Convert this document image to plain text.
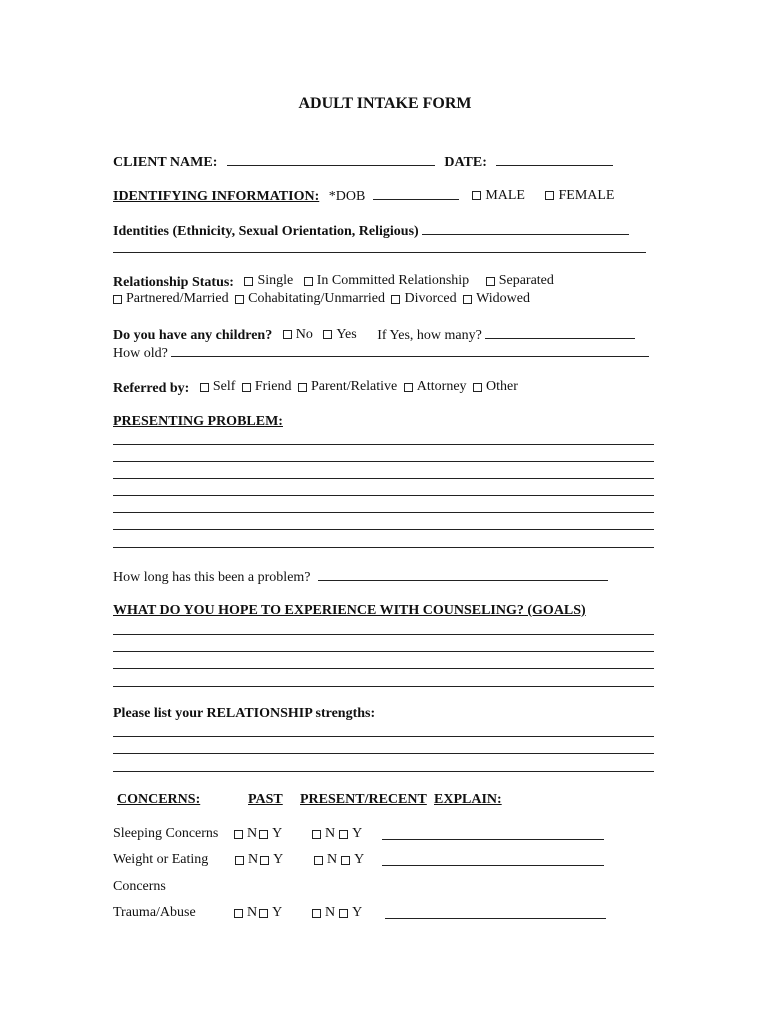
ADULT INTAKE FORM
CLIENT NAME:	DATE:
IDENTIFYING INFORMATION: *DOB	MALE
FEMALE
Identities (Ethnicity, Sexual Orientation, Religious)
Relationship Status: Single
In Committed Relationship
Separated
Partnered/Married
Cohabitating/Unmarried
Divorced
Widowed
Do you have any children? No
Yes If Yes, how many?
How old?
Referred by: Self
Friend
Parent/Relative
Attorney
Other
PRESENTING PROBLEM:
How long has this been a problem?
WHAT DO YOU HOPE TO EXPERIENCE WITH COUNSELING? (GOALS)
Please list your RELATIONSHIP strengths:
CONCERNS:	PAST PRESENT/RECENT EXPLAIN:
Sleeping Concerns N Y	N Y
Weight or Eating	N Y	N Y
Concerns
Trauma/Abuse	N Y	N Y
